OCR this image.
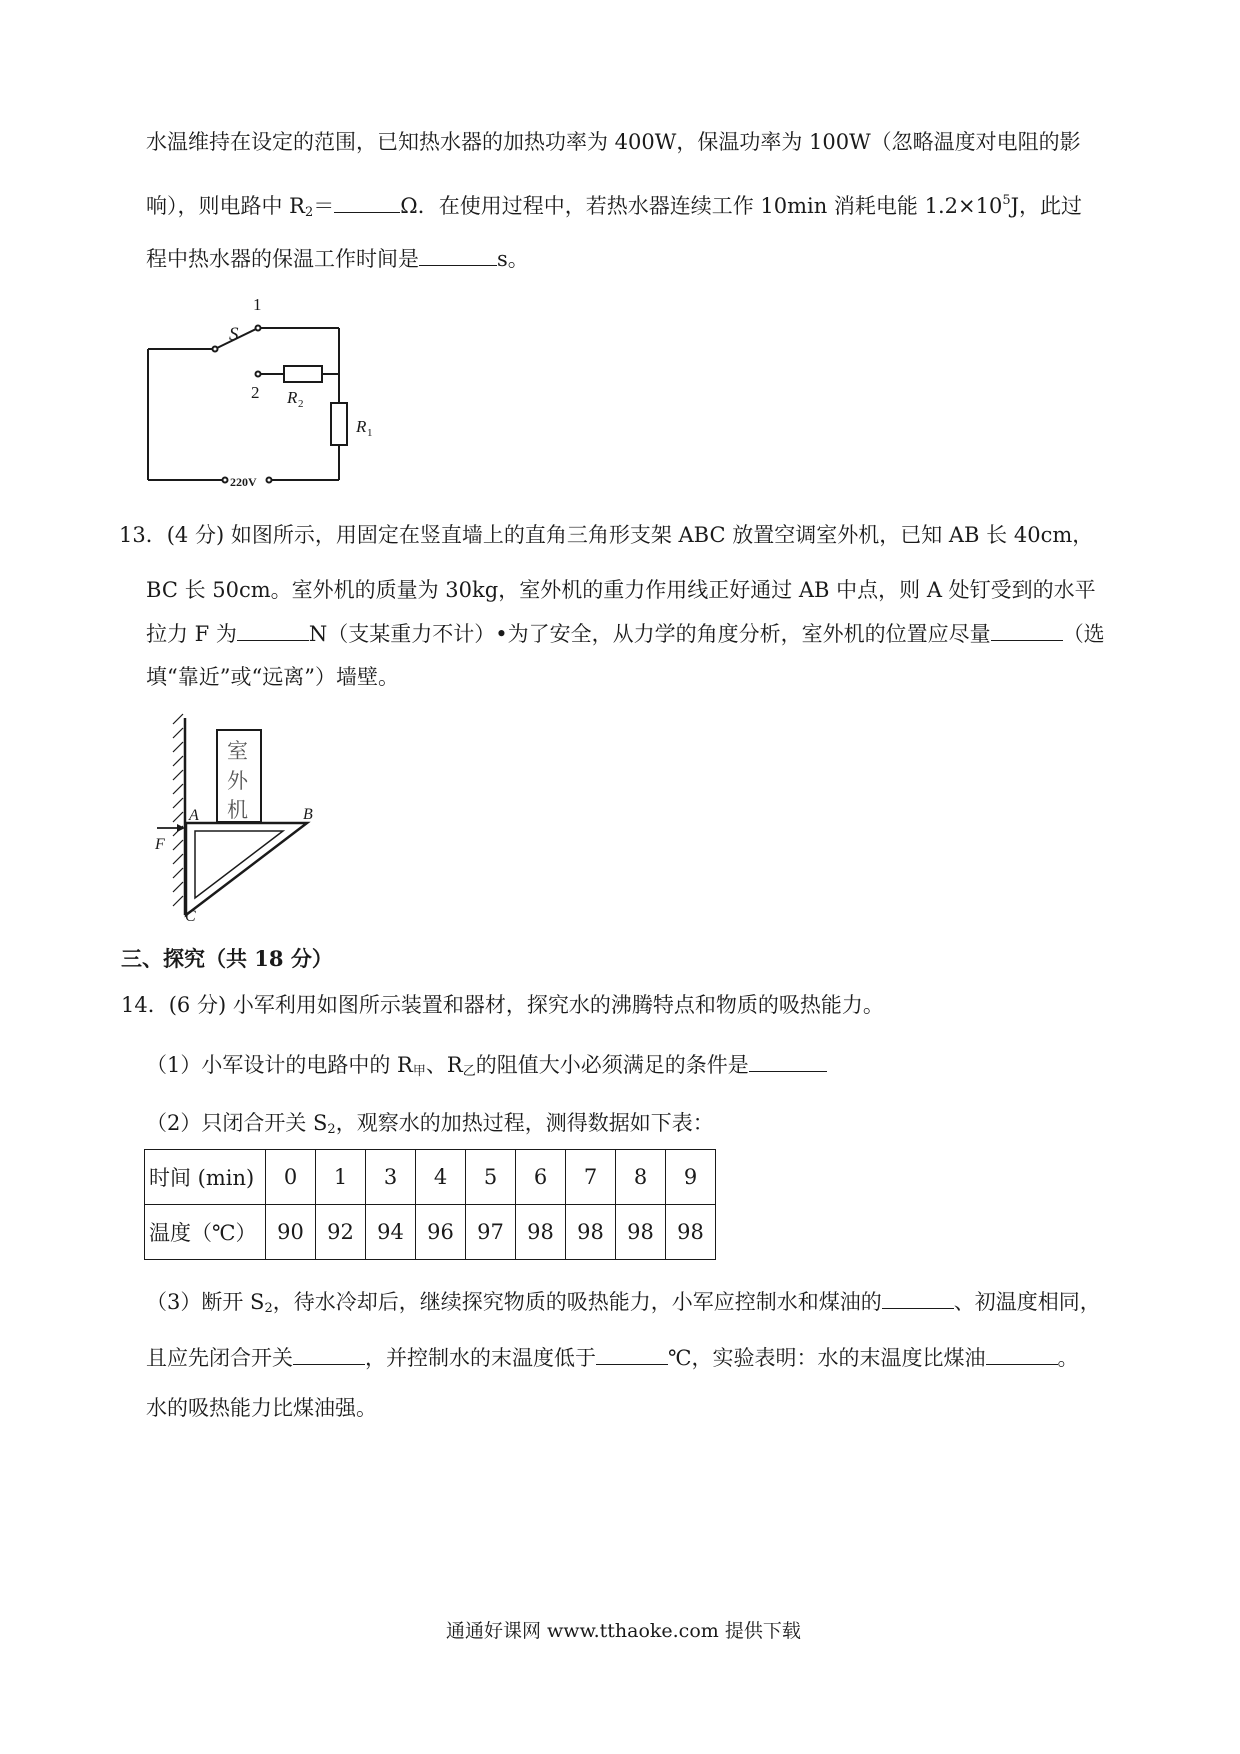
水温维持在设定的范围，已知热水器的加热功率为 400W，保温功率为 100W（忽略温度对电阻的影
响），则电路中 $R_2=$	Ω．在使用过程中，若热水器连续工作 10min 消耗电能 $1.2\times 10^5J$，此过
程中热水器的保温工作时间是	s。
1
S
2 R 2
R 1
220V
13．(4 分) 如图所示，用固定在竖直墙上的直角三角形支架 ABC 放置空调室外机，已知 AB 长 40cm，
BC 长 50cm。室外机的质量为 30kg，室外机的重力作用线正好通过 AB 中点，则 A 处钉受到的水平
拉力 F 为	N（支某重力不计）•为了安全，从力学的角度分析，室外机的位置应尽量	（选
填“靠近”或“远离”）墙壁。
室
外
机
A	B
C
F
三、探究（共 18 分）
14．(6 分) 小军利用如图所示装置和器材，探究水的沸腾特点和物质的吸热能力。
（1）小军设计的电路中的 $R_甲$、$R_乙$的阻值大小必须满足的条件是
（2）只闭合开关 $S_2$，观察水的加热过程，测得数据如下表：
时间 (min)	0	1	3	4	5	6	7	8	9
温度（℃）	90	92	94	96	97	98	98	98	98
（3）断开 $S_2$，待水冷却后，继续探究物质的吸热能力，小军应控制水和煤油的	、初温度相同，
且应先闭合开关	，并控制水的末温度低于	℃，实验表明：水的末温度比煤油	。
水的吸热能力比煤油强。
通通好课网 www.tthaoke.com 提供下载
